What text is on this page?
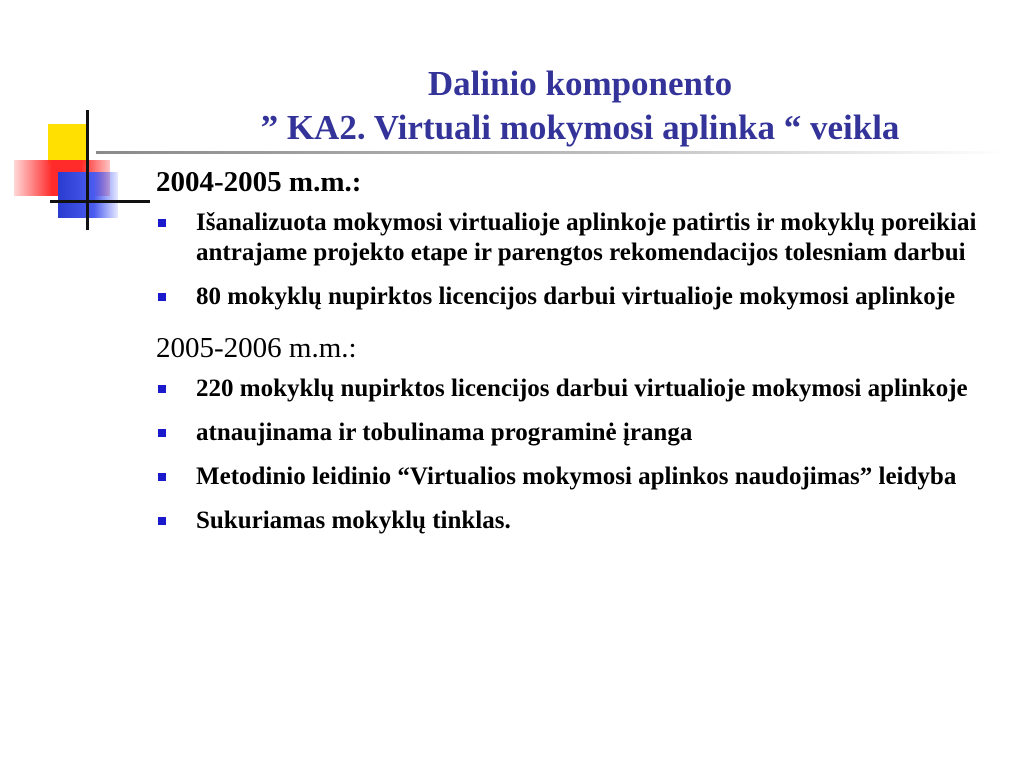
Dalinio komponento
” KA2. Virtuali mokymosi aplinka “ veikla
2004-2005 m.m.:
Išanalizuota mokymosi virtualioje aplinkoje patirtis ir mokyklų poreikiai antrajame projekto etape ir parengtos rekomendacijos tolesniam darbui
80 mokyklų nupirktos licencijos darbui virtualioje mokymosi aplinkoje
2005-2006 m.m.:
220 mokyklų nupirktos licencijos darbui virtualioje mokymosi aplinkoje
atnaujinama ir tobulinama programinė įranga
Metodinio leidinio “Virtualios mokymosi aplinkos naudojimas” leidyba
Sukuriamas mokyklų tinklas.
